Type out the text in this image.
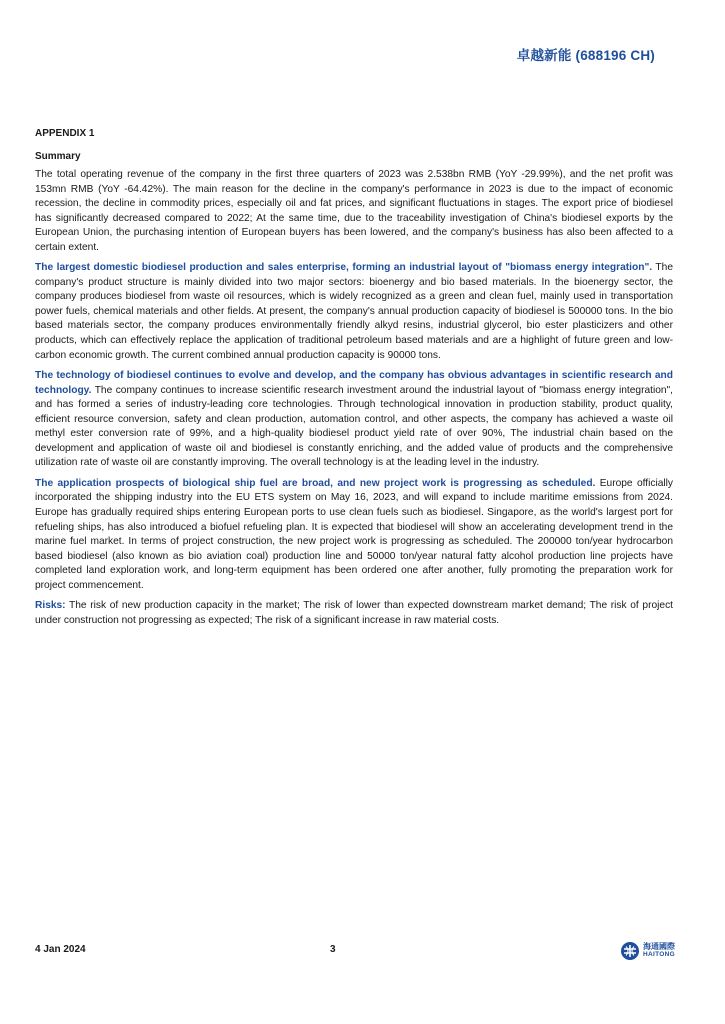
卓越新能 (688196 CH)
APPENDIX 1
Summary

The total operating revenue of the company in the first three quarters of 2023 was 2.538bn RMB (YoY -29.99%), and the net profit was 153mn RMB (YoY -64.42%). The main reason for the decline in the company's performance in 2023 is due to the impact of economic recession, the decline in commodity prices, especially oil and fat prices, and significant fluctuations in stages. The export price of biodiesel has significantly decreased compared to 2022; At the same time, due to the traceability investigation of China's biodiesel exports by the European Union, the purchasing intention of European buyers has been lowered, and the company's business has also been affected to a certain extent.

The largest domestic biodiesel production and sales enterprise, forming an industrial layout of "biomass energy integration". The company's product structure is mainly divided into two major sectors: bioenergy and bio based materials. In the bioenergy sector, the company produces biodiesel from waste oil resources, which is widely recognized as a green and clean fuel, mainly used in transportation power fuels, chemical materials and other fields. At present, the company's annual production capacity of biodiesel is 500000 tons. In the bio based materials sector, the company produces environmentally friendly alkyd resins, industrial glycerol, bio ester plasticizers and other products, which can effectively replace the application of traditional petroleum based materials and are a highlight of future green and low-carbon economic growth. The current combined annual production capacity is 90000 tons.

The technology of biodiesel continues to evolve and develop, and the company has obvious advantages in scientific research and technology. The company continues to increase scientific research investment around the industrial layout of "biomass energy integration", and has formed a series of industry-leading core technologies. Through technological innovation in production stability, product quality, efficient resource conversion, safety and clean production, automation control, and other aspects, the company has achieved a waste oil methyl ester conversion rate of 99%, and a high-quality biodiesel product yield rate of over 90%, The industrial chain based on the development and application of waste oil and biodiesel is constantly enriching, and the added value of products and the comprehensive utilization rate of waste oil are constantly improving. The overall technology is at the leading level in the industry.

The application prospects of biological ship fuel are broad, and new project work is progressing as scheduled. Europe officially incorporated the shipping industry into the EU ETS system on May 16, 2023, and will expand to include maritime emissions from 2024. Europe has gradually required ships entering European ports to use clean fuels such as biodiesel. Singapore, as the world's largest port for refueling ships, has also introduced a biofuel refueling plan. It is expected that biodiesel will show an accelerating development trend in the marine fuel market. In terms of project construction, the new project work is progressing as scheduled. The 200000 ton/year hydrocarbon based biodiesel (also known as bio aviation coal) production line and 50000 ton/year natural fatty alcohol production line projects have completed land exploration work, and long-term equipment has been ordered one after another, fully promoting the preparation work for project commencement.

Risks: The risk of new production capacity in the market; The risk of lower than expected downstream market demand; The risk of project under construction not progressing as expected; The risk of a significant increase in raw material costs.

4 Jan 2024	3	海通國際
HAITONG
